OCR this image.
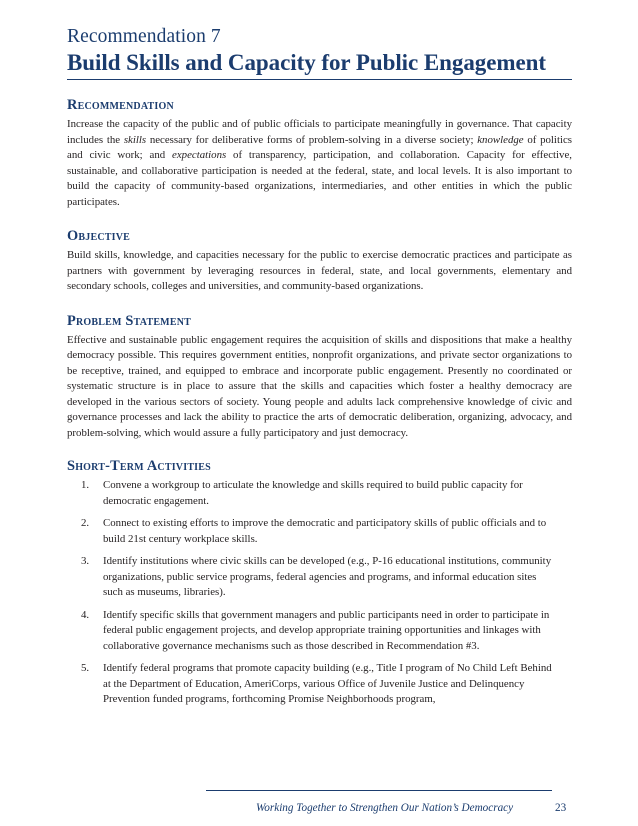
Recommendation 7

Build Skills and Capacity for Public Engagement
Recommendation

Increase the capacity of the public and of public officials to participate meaningfully in governance. That capacity includes the skills necessary for deliberative forms of problem-solving in a diverse society; knowledge of politics and civic work; and expectations of transparency, participation, and collaboration. Capacity for effective, sustainable, and collaborative participation is needed at the federal, state, and local levels. It is also important to build the capacity of community-based organizations, intermediaries, and other entities in which the public participates.

Objective

Build skills, knowledge, and capacities necessary for the public to exercise democratic practices and participate as partners with government by leveraging resources in federal, state, and local governments, elementary and secondary schools, colleges and universities, and community-based organizations.

Problem Statement

Effective and sustainable public engagement requires the acquisition of skills and dispositions that make a healthy democracy possible. This requires government entities, nonprofit organizations, and private sector organizations to be receptive, trained, and equipped to embrace and incorporate public engagement. Presently no coordinated or systematic structure is in place to assure that the skills and capacities which foster a healthy democracy are developed in the various sectors of society. Young people and adults lack comprehensive knowledge of civic and governance processes and lack the ability to practice the arts of democratic deliberation, organizing, advocacy, and problem-solving, which would assure a fully participatory and just democracy.

Short-Term Activities
1. Convene a workgroup to articulate the knowledge and skills required to build public capacity for democratic engagement.
2. Connect to existing efforts to improve the democratic and participatory skills of public officials and to build 21st century workplace skills.
3. Identify institutions where civic skills can be developed (e.g., P-16 educational institutions, community organizations, public service programs, federal agencies and programs, and informal education sites such as museums, libraries).
4. Identify specific skills that government managers and public participants need in order to participate in federal public engagement projects, and develop appropriate training opportunities and linkages with collaborative governance mechanisms such as those described in Recommendation #3.
5. Identify federal programs that promote capacity building (e.g., Title I program of No Child Left Behind at the Department of Education, AmeriCorps, various Office of Juvenile Justice and Delinquency Prevention funded programs, forthcoming Promise Neighborhoods program,
Working Together to Strengthen Our Nation’s Democracy	23
